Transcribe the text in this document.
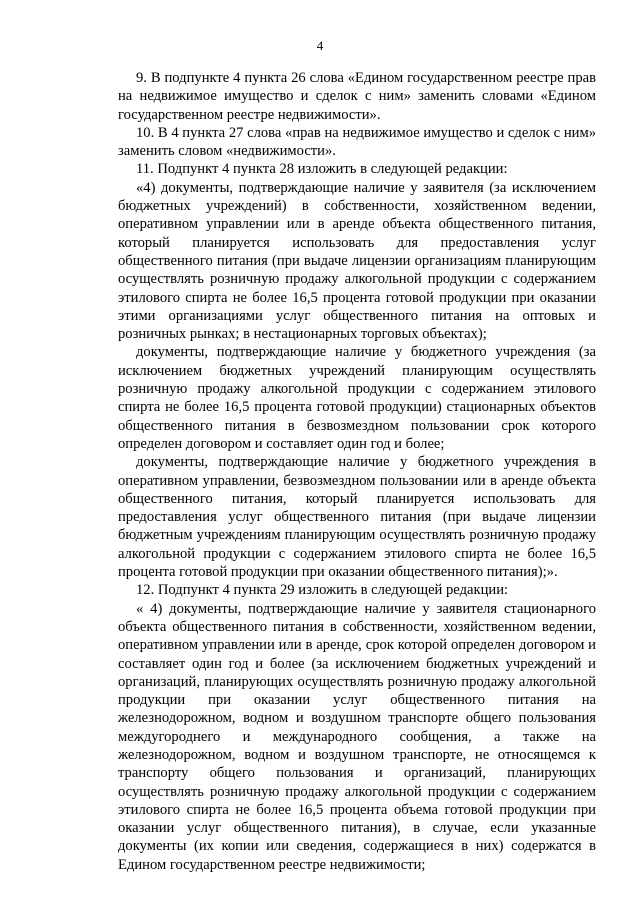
4

9. В подпункте 4 пункта 26 слова «Едином государственном реестре прав на недвижимое имущество и сделок с ним» заменить словами «Едином государственном реестре недвижимости».

10. В 4 пункта 27 слова «прав на недвижимое имущество и сделок с ним» заменить словом «недвижимости».

11. Подпункт 4 пункта 28 изложить в следующей редакции:

«4) документы, подтверждающие наличие у заявителя (за исключением бюджетных учреждений) в собственности, хозяйственном ведении, оперативном управлении или в аренде объекта общественного питания, который планируется использовать для предоставления услуг общественного питания (при выдаче лицензии организациям планирующим осуществлять розничную продажу алкогольной продукции с содержанием этилового спирта не более 16,5 процента готовой продукции при оказании этими организациями услуг общественного питания на оптовых и розничных рынках; в нестационарных торговых объектах);

документы, подтверждающие наличие у бюджетного учреждения (за исключением бюджетных учреждений планирующим осуществлять розничную продажу алкогольной продукции с содержанием этилового спирта не более 16,5 процента готовой продукции) стационарных объектов общественного питания в безвозмездном пользовании срок которого определен договором и составляет один год и более;

документы, подтверждающие наличие у бюджетного учреждения в оперативном управлении, безвозмездном пользовании или в аренде объекта общественного питания, который планируется использовать для предоставления услуг общественного питания (при выдаче лицензии бюджетным учреждениям планирующим осуществлять розничную продажу алкогольной продукции с содержанием этилового спирта не более 16,5 процента готовой продукции при оказании общественного питания);».

12. Подпункт 4 пункта 29 изложить в следующей редакции:

« 4) документы, подтверждающие наличие у заявителя стационарного объекта общественного питания в собственности, хозяйственном ведении, оперативном управлении или в аренде, срок которой определен договором и составляет один год и более (за исключением бюджетных учреждений и организаций, планирующих осуществлять розничную продажу алкогольной продукции при оказании услуг общественного питания на железнодорожном, водном и воздушном транспорте общего пользования междугороднего и международного сообщения, а также на железнодорожном, водном и воздушном транспорте, не относящемся к транспорту общего пользования и организаций, планирующих осуществлять розничную продажу алкогольной продукции с содержанием этилового спирта не более 16,5 процента объема готовой продукции при оказании услуг общественного питания), в случае, если указанные документы (их копии или сведения, содержащиеся в них) содержатся в Едином государственном реестре недвижимости;
